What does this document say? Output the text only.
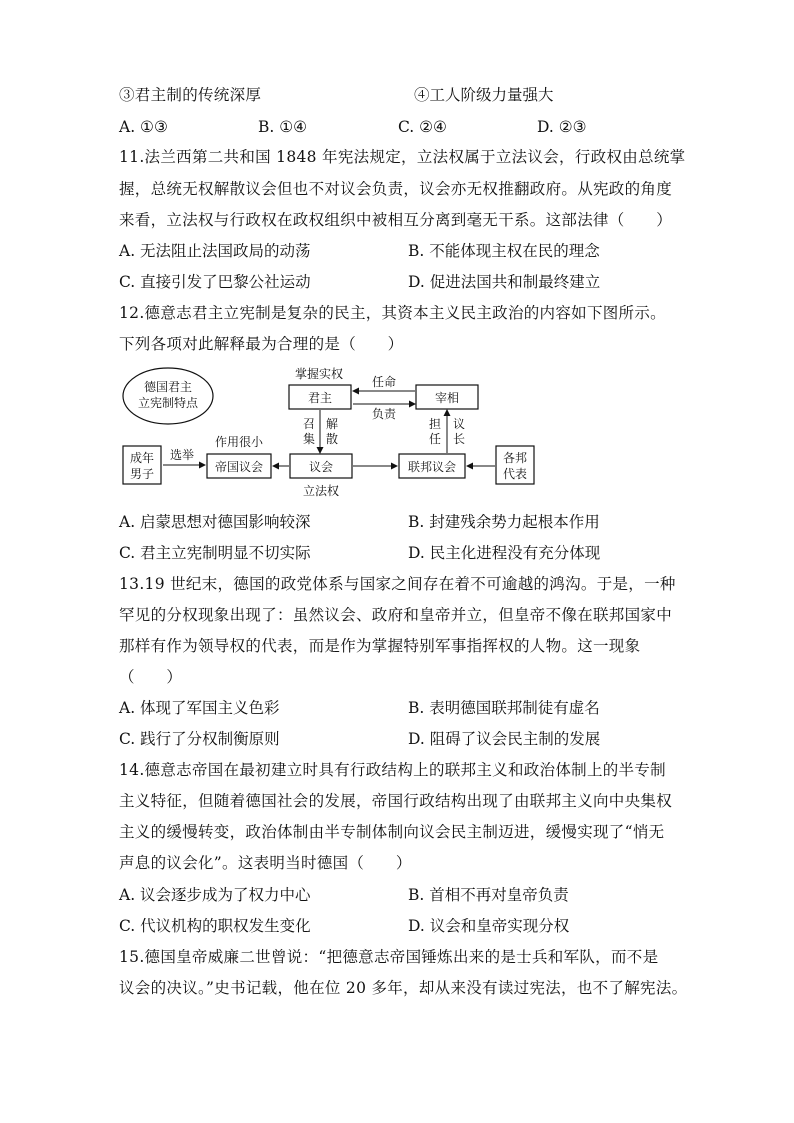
③君主制的传统深厚	④工人阶级力量强大
A. ①③	B. ①④	C. ②④	D. ②③
11.法兰西第二共和国 1848 年宪法规定，立法权属于立法议会，行政权由总统掌
握，总统无权解散议会但也不对议会负责，议会亦无权推翻政府。从宪政的角度
来看，立法权与行政权在政权组织中被相互分离到毫无干系。这部法律（　　）
A. 无法阻止法国政局的动荡	B. 不能体现主权在民的理念
C. 直接引发了巴黎公社运动	D. 促进法国共和制最终建立
12.德意志君主立宪制是复杂的民主，其资本主义民主政治的内容如下图所示。
下列各项对此解释最为合理的是（　　）
德国君主
立宪制特点
掌握实权
君主
任命
负责
宰相
召
集
解
散
担
任
议
长
成年
男子
选举
作用很小
帝国议会	议会
立法权
联邦议会
各邦
代表
A. 启蒙思想对德国影响较深	B. 封建残余势力起根本作用
C. 君主立宪制明显不切实际	D. 民主化进程没有充分体现
13.19 世纪末，德国的政党体系与国家之间存在着不可逾越的鸿沟。于是，一种
罕见的分权现象出现了：虽然议会、政府和皇帝并立，但皇帝不像在联邦国家中
那样有作为领导权的代表，而是作为掌握特别军事指挥权的人物。这一现象
（　　）
A. 体现了军国主义色彩	B. 表明德国联邦制徒有虚名
C. 践行了分权制衡原则	D. 阻碍了议会民主制的发展
14.德意志帝国在最初建立时具有行政结构上的联邦主义和政治体制上的半专制
主义特征，但随着德国社会的发展，帝国行政结构出现了由联邦主义向中央集权
主义的缓慢转变，政治体制由半专制体制向议会民主制迈进，缓慢实现了“悄无
声息的议会化”。这表明当时德国（　　）
A. 议会逐步成为了权力中心	B. 首相不再对皇帝负责
C. 代议机构的职权发生变化	D. 议会和皇帝实现分权
15.德国皇帝威廉二世曾说：“把德意志帝国锤炼出来的是士兵和军队，而不是
议会的决议。”史书记载，他在位 20 多年，却从来没有读过宪法，也不了解宪法。
